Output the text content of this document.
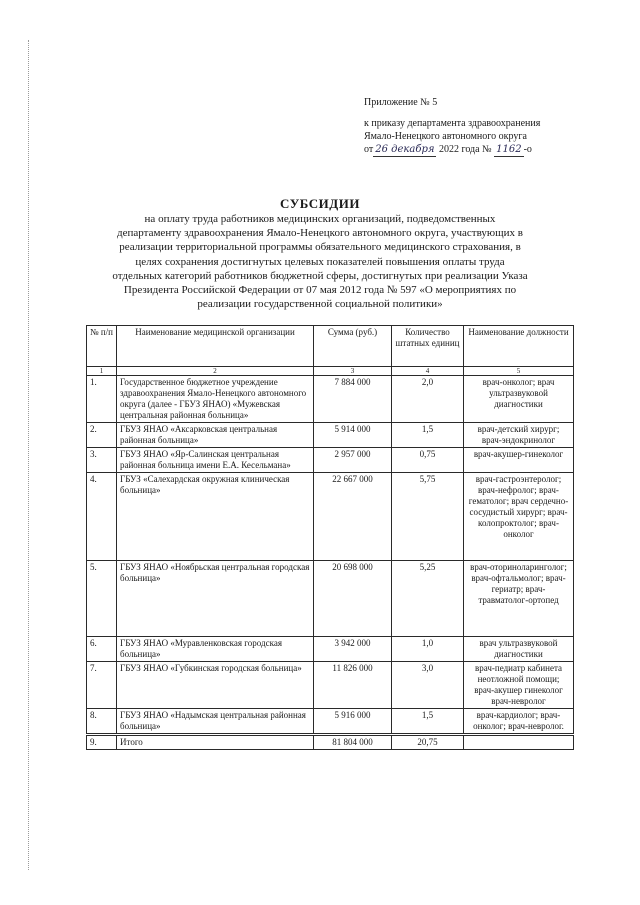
Приложение № 5
к приказу департамента здравоохранения
Ямало-Ненецкого автономного округа
от 26 декабря 2022 года № 1162 -о
СУБСИДИИ
на оплату труда работников медицинских организаций, подведомственных
департаменту здравоохранения Ямало-Ненецкого автономного округа, участвующих в
реализации территориальной программы обязательного медицинского страхования, в
целях сохранения достигнутых целевых показателей повышения оплаты труда
отдельных категорий работников бюджетной сферы, достигнутых при реализации Указа
Президента Российской Федерации от 07 мая 2012 года № 597 «О мероприятиях по
реализации государственной социальной политики»
№ п/п	Наименование медицинской организации	Сумма (руб.)	Количество штатных единиц	Наименование должности
1	2	3	4	5
1.	Государственное бюджетное учреждение здравоохранения Ямало-Ненецкого автономного округа (далее - ГБУЗ ЯНАО) «Мужевская центральная районная больница»	7 884 000	2,0	врач-онколог; врач ультразвуковой диагностики
2.	ГБУЗ ЯНАО «Аксарковская центральная районная больница»	5 914 000	1,5	врач-детский хирург; врач-эндокринолог
3.	ГБУЗ ЯНАО «Яр-Салинская центральная районная больница имени Е.А. Кесельмана»	2 957 000	0,75	врач-акушер-гинеколог
4.	ГБУЗ «Салехардская окружная клиническая больница»	22 667 000	5,75	врач-гастроэнтеролог; врач-нефролог; врач-гематолог; врач сердечно-сосудистый хирург; врач-колопроктолог; врач-онколог
5.	ГБУЗ ЯНАО «Ноябрьская центральная городская больница»	20 698 000	5,25	врач-оториноларинголог; врач-офтальмолог; врач-гериатр; врач-травматолог-ортопед
6.	ГБУЗ ЯНАО «Муравленковская городская больница»	3 942 000	1,0	врач ультразвуковой диагностики
7.	ГБУЗ ЯНАО «Губкинская городская больница»	11 826 000	3,0	врач-педиатр кабинета неотложной помощи; врач-акушер гинеколог врач-невролог
8.	ГБУЗ ЯНАО «Надымская центральная районная больница»	5 916 000	1,5	врач-кардиолог; врач-онколог; врач-невролог.
9.	Итого	81 804 000	20,75	
